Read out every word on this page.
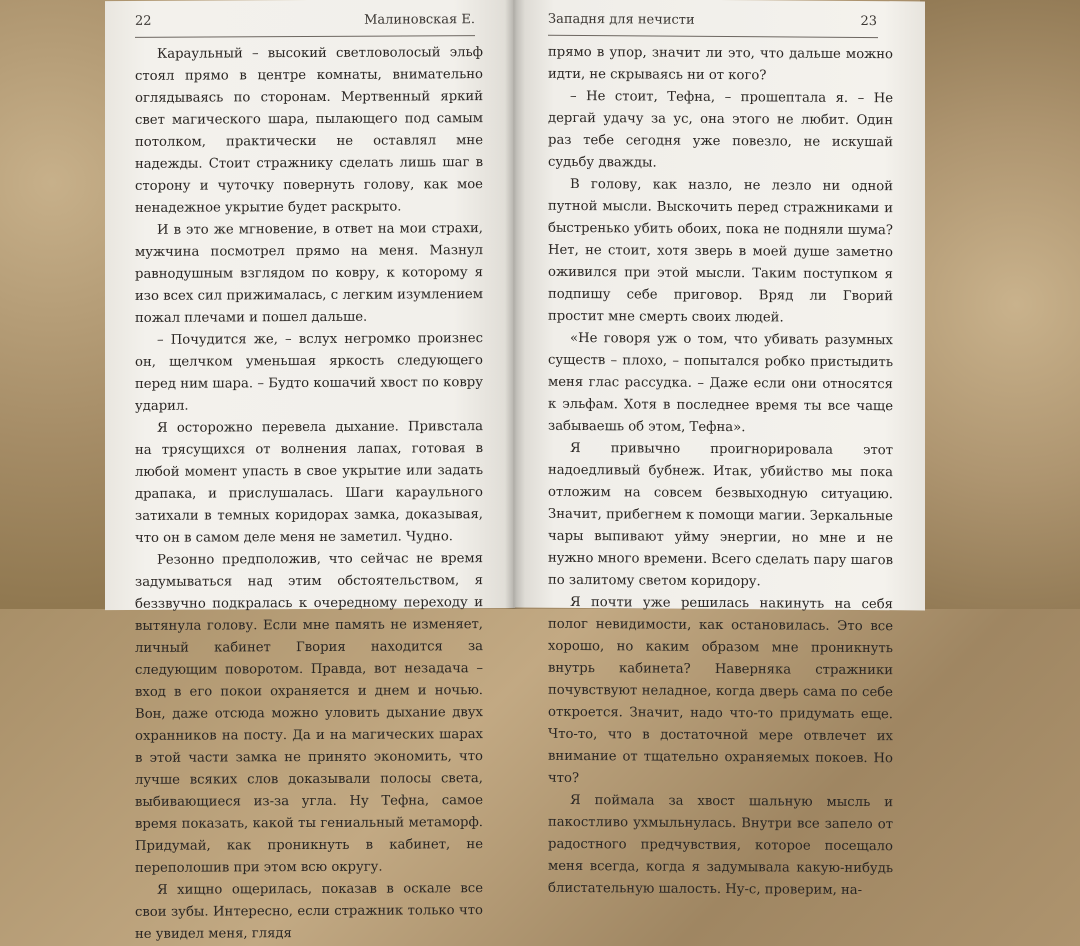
22	Малиновская Е.

Караульный – высокий светловолосый эльф стоял прямо в центре комнаты, внимательно оглядываясь по сторонам. Мертвенный яркий свет магического шара, пылающего под самым потолком, практически не оставлял мне надежды. Стоит стражнику сделать лишь шаг в сторону и чуточку повернуть голову, как мое ненадежное укрытие будет раскрыто.

И в это же мгновение, в ответ на мои страхи, мужчина посмотрел прямо на меня. Мазнул равнодушным взглядом по ковру, к которому я изо всех сил прижималась, с легким изумлением пожал плечами и пошел дальше.

– Почудится же, – вслух негромко произнес он, щелчком уменьшая яркость следующего перед ним шара. – Будто кошачий хвост по ковру ударил.

Я осторожно перевела дыхание. Привстала на трясущихся от волнения лапах, готовая в любой момент упасть в свое укрытие или задать драпака, и прислушалась. Шаги караульного затихали в темных коридорах замка, доказывая, что он в самом деле меня не заметил. Чудно.

Резонно предположив, что сейчас не время задумываться над этим обстоятельством, я беззвучно подкралась к очередному переходу и вытянула голову. Если мне память не изменяет, личный кабинет Гвория находится за следующим поворотом. Правда, вот незадача – вход в его покои охраняется и днем и ночью. Вон, даже отсюда можно уловить дыхание двух охранников на посту. Да и на магических шарах в этой части замка не принято экономить, что лучше всяких слов доказывали полосы света, выбивающиеся из-за угла. Ну Тефна, самое время показать, какой ты гениальный метаморф. Придумай, как проникнуть в кабинет, не переполошив при этом всю округу.

Я хищно ощерилась, показав в оскале все свои зубы. Интересно, если стражник только что не увидел меня, глядя

Западня для нечисти	23

прямо в упор, значит ли это, что дальше можно идти, не скрываясь ни от кого?

– Не стоит, Тефна, – прошептала я. – Не дергай удачу за ус, она этого не любит. Один раз тебе сегодня уже повезло, не искушай судьбу дважды.

В голову, как назло, не лезло ни одной путной мысли. Выскочить перед стражниками и быстренько убить обоих, пока не подняли шума? Нет, не стоит, хотя зверь в моей душе заметно оживился при этой мысли. Таким поступком я подпишу себе приговор. Вряд ли Гворий простит мне смерть своих людей.

«Не говоря уж о том, что убивать разумных существ – плохо, – попытался робко пристыдить меня глас рассудка. – Даже если они относятся к эльфам. Хотя в последнее время ты все чаще забываешь об этом, Тефна».

Я привычно проигнорировала этот надоедливый бубнеж. Итак, убийство мы пока отложим на совсем безвыходную ситуацию. Значит, прибегнем к помощи магии. Зеркальные чары выпивают уйму энергии, но мне и не нужно много времени. Всего сделать пару шагов по залитому светом коридору.

Я почти уже решилась накинуть на себя полог невидимости, как остановилась. Это все хорошо, но каким образом мне проникнуть внутрь кабинета? Наверняка стражники почувствуют неладное, когда дверь сама по себе откроется. Значит, надо что-то придумать еще. Что-то, что в достаточной мере отвлечет их внимание от тщательно охраняемых покоев. Но что?

Я поймала за хвост шальную мысль и пакостливо ухмыльнулась. Внутри все запело от радостного предчувствия, которое посещало меня всегда, когда я задумывала какую-нибудь блистательную шалость. Ну-с, проверим, на-
